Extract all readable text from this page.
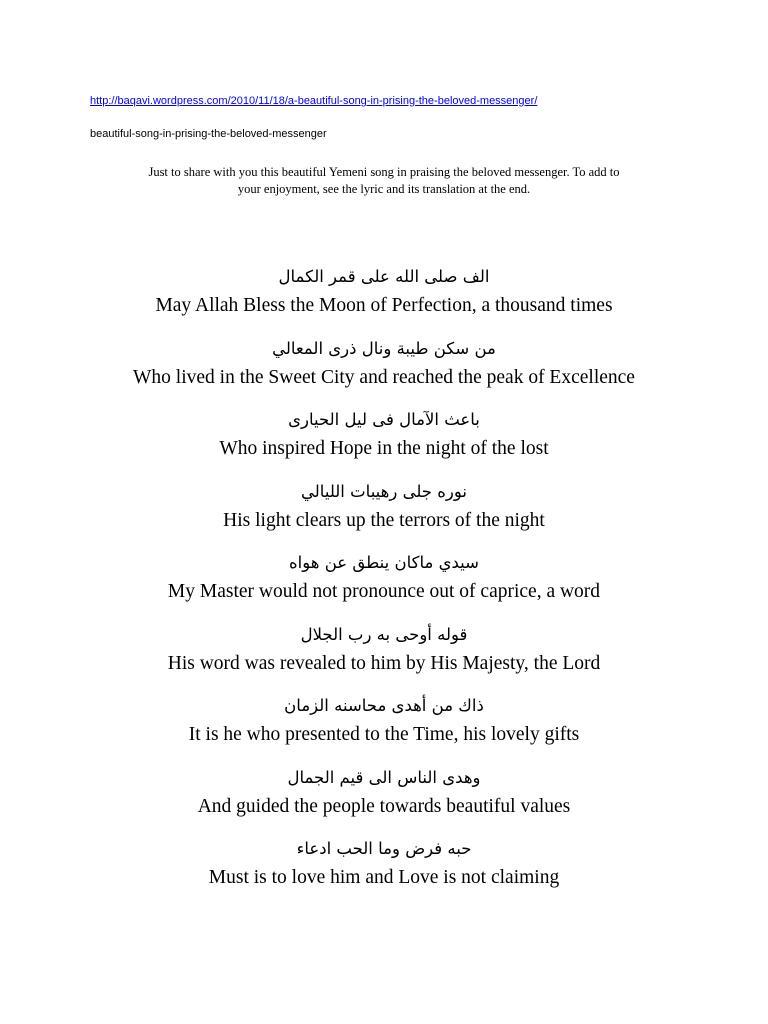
http://baqavi.wordpress.com/2010/11/18/a-beautiful-song-in-prising-the-beloved-messenger/
beautiful-song-in-prising-the-beloved-messenger
Just to share with you this beautiful Yemeni song in praising the beloved messenger. To add to
your enjoyment, see the lyric and its translation at the end.
الف صلى الله على قمر الكمال
May Allah Bless the Moon of Perfection, a thousand times
من سكن طيبة ونال ذرى المعالي
Who lived in the Sweet City and reached the peak of Excellence
باعث الآمال فى ليل الحيارى
Who inspired Hope in the night of the lost
نوره جلى رهيبات الليالي
His light clears up the terrors of the night
سيدي ماكان ينطق عن هواه
My Master would not pronounce out of caprice, a word
قوله أوحى به رب الجلال
His word was revealed to him by His Majesty, the Lord
ذاك من أهدى محاسنه الزمان
It is he who presented to the Time, his lovely gifts
وهدى الناس الى قيم الجمال
And guided the people towards beautiful values
حبه فرض وما الحب ادعاء
Must is to love him and Love is not claiming
